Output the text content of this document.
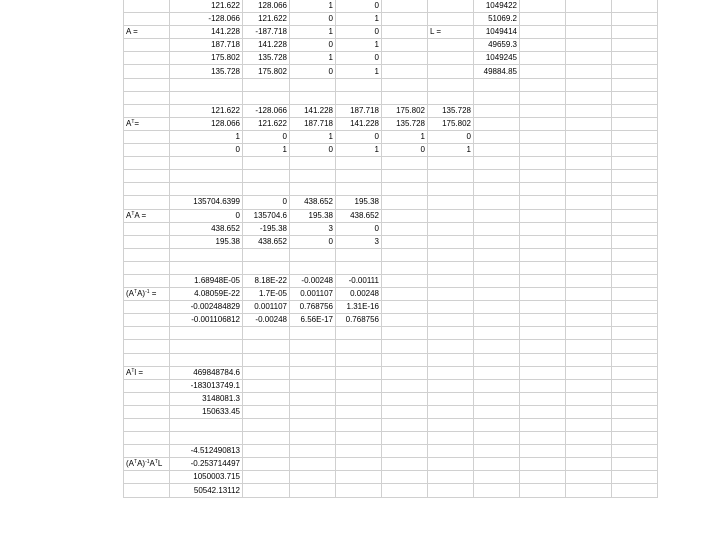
	121.622	128.066	1	0			1049422			
	-128.066	121.622	0	1			51069.2			
A =	141.228	-187.718	1	0		L =	1049414			
	187.718	141.228	0	1			49659.3			
	175.802	135.728	1	0			1049245			
	135.728	175.802	0	1			49884.85			

	121.622	-128.066	141.228	187.718	175.802	135.728				
$A^T=$	128.066	121.622	187.718	141.228	135.728	175.802				
	1	0	1	0	1	0				
	0	1	0	1	0	1				

	135704.6399	0	438.652	195.38						
$A^TA$ =	0	135704.6	195.38	438.652						
	438.652	-195.38	3	0						
	195.38	438.652	0	3						

	1.68948E-05	8.18E-22	-0.00248	-0.00111						
$(A^TA)^{-1}$ =	4.08059E-22	1.7E-05	0.001107	0.00248						
	-0.002484829	0.001107	0.768756	1.31E-16						
	-0.001106812	-0.00248	6.56E-17	0.768756						

$A^Tl$ =	469848784.6									
	-183013749.1									
	3148081.3									
	150633.45									

	-4.512490813									
$(A^TA)^{-1}A^TL$	-0.253714497									
	1050003.715									
	50542.13112									
